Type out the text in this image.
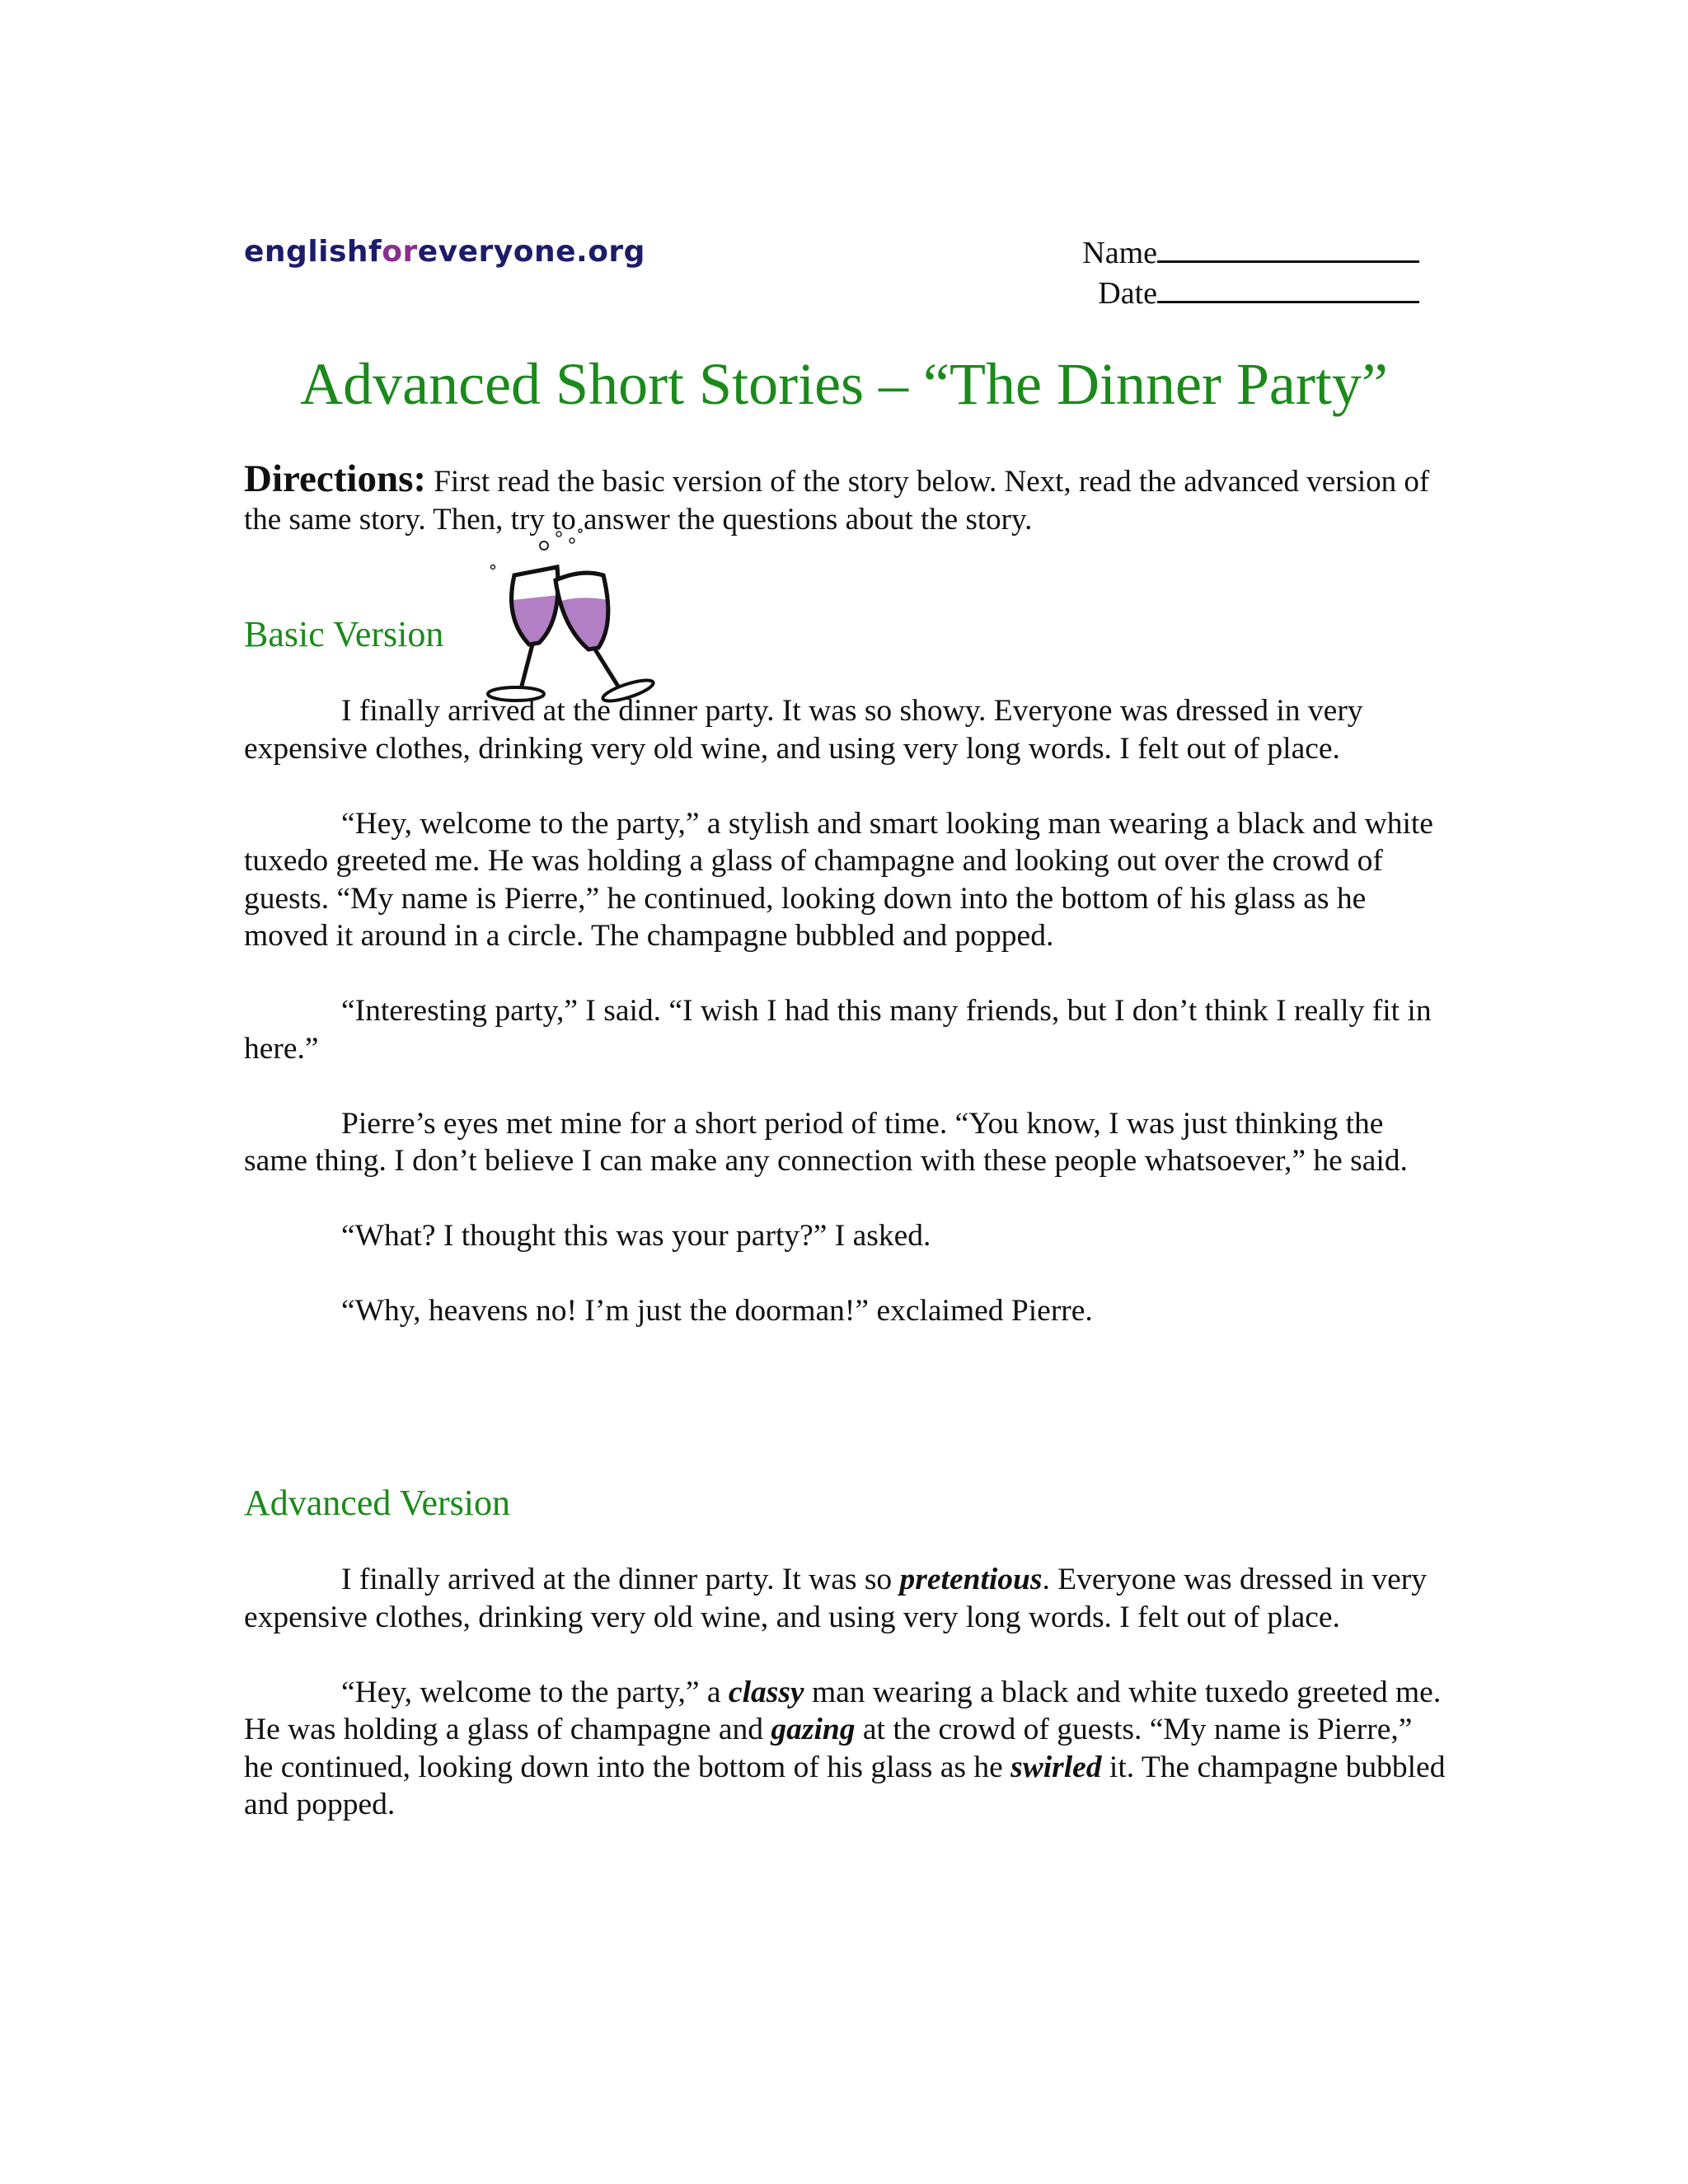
englishforeveryone.org	Name
Date
Advanced Short Stories – “The Dinner Party”
Directions: First read the basic version of the story below. Next, read the advanced version of the same story. Then, try to answer the questions about the story.
Basic Version

I finally arrived at the dinner party. It was so showy. Everyone was dressed in very expensive clothes, drinking very old wine, and using very long words. I felt out of place.

“Hey, welcome to the party,” a stylish and smart looking man wearing a black and white tuxedo greeted me. He was holding a glass of champagne and looking out over the crowd of guests. “My name is Pierre,” he continued, looking down into the bottom of his glass as he moved it around in a circle. The champagne bubbled and popped.

“Interesting party,” I said. “I wish I had this many friends, but I don’t think I really fit in here.”

Pierre’s eyes met mine for a short period of time. “You know, I was just thinking the same thing. I don’t believe I can make any connection with these people whatsoever,” he said.

“What? I thought this was your party?” I asked.

“Why, heavens no! I’m just the doorman!” exclaimed Pierre.

Advanced Version

I finally arrived at the dinner party. It was so pretentious. Everyone was dressed in very expensive clothes, drinking very old wine, and using very long words. I felt out of place.

“Hey, welcome to the party,” a classy man wearing a black and white tuxedo greeted me. He was holding a glass of champagne and gazing at the crowd of guests. “My name is Pierre,” he continued, looking down into the bottom of his glass as he swirled it. The champagne bubbled and popped.
